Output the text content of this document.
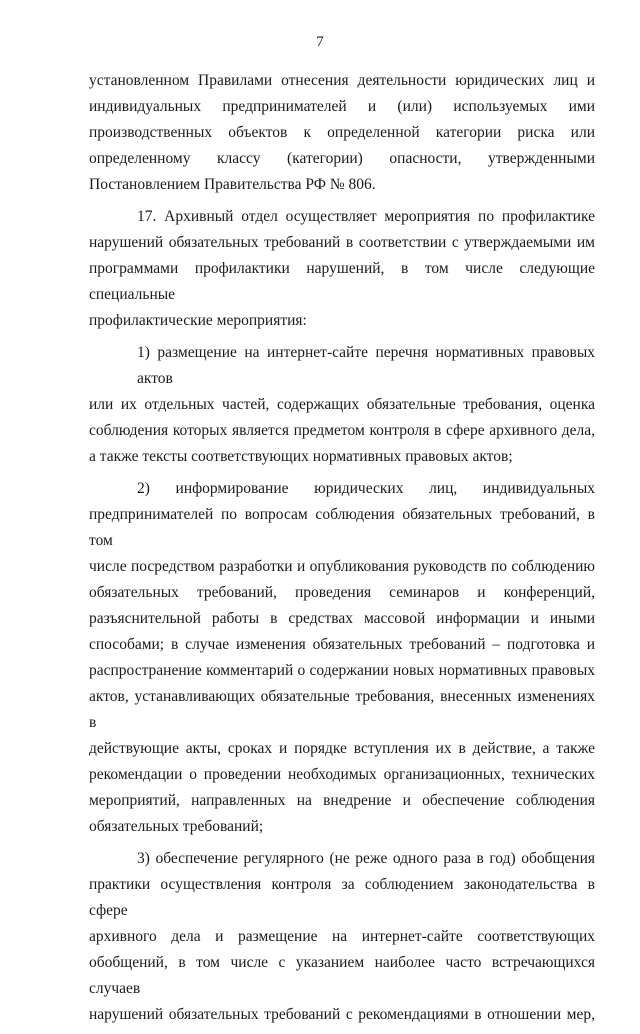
7
установленном Правилами отнесения деятельности юридических лиц и
индивидуальных предпринимателей и (или) используемых ими
производственных объектов к определенной категории риска или
определенному классу (категории) опасности, утвержденными
Постановлением Правительства РФ № 806.
17. Архивный отдел осуществляет мероприятия по профилактике
нарушений обязательных требований в соответствии с утверждаемыми им
программами профилактики нарушений, в том числе следующие специальные
профилактические мероприятия:
1) размещение на интернет-сайте перечня нормативных правовых актов
или их отдельных частей, содержащих обязательные требования, оценка
соблюдения которых является предметом контроля в сфере архивного дела,
а также тексты соответствующих нормативных правовых актов;
2) информирование юридических лиц, индивидуальных
предпринимателей по вопросам соблюдения обязательных требований, в том
числе посредством разработки и опубликования руководств по соблюдению
обязательных требований, проведения семинаров и конференций,
разъяснительной работы в средствах массовой информации и иными
способами; в случае изменения обязательных требований – подготовка и
распространение комментарий о содержании новых нормативных правовых
актов, устанавливающих обязательные требования, внесенных изменениях в
действующие акты, сроках и порядке вступления их в действие, а также
рекомендации о проведении необходимых организационных, технических
мероприятий, направленных на внедрение и обеспечение соблюдения
обязательных требований;
3) обеспечение регулярного (не реже одного раза в год) обобщения
практики осуществления контроля за соблюдением законодательства в сфере
архивного дела и размещение на интернет-сайте соответствующих
обобщений, в том числе с указанием наиболее часто встречающихся случаев
нарушений обязательных требований с рекомендациями в отношении мер,
